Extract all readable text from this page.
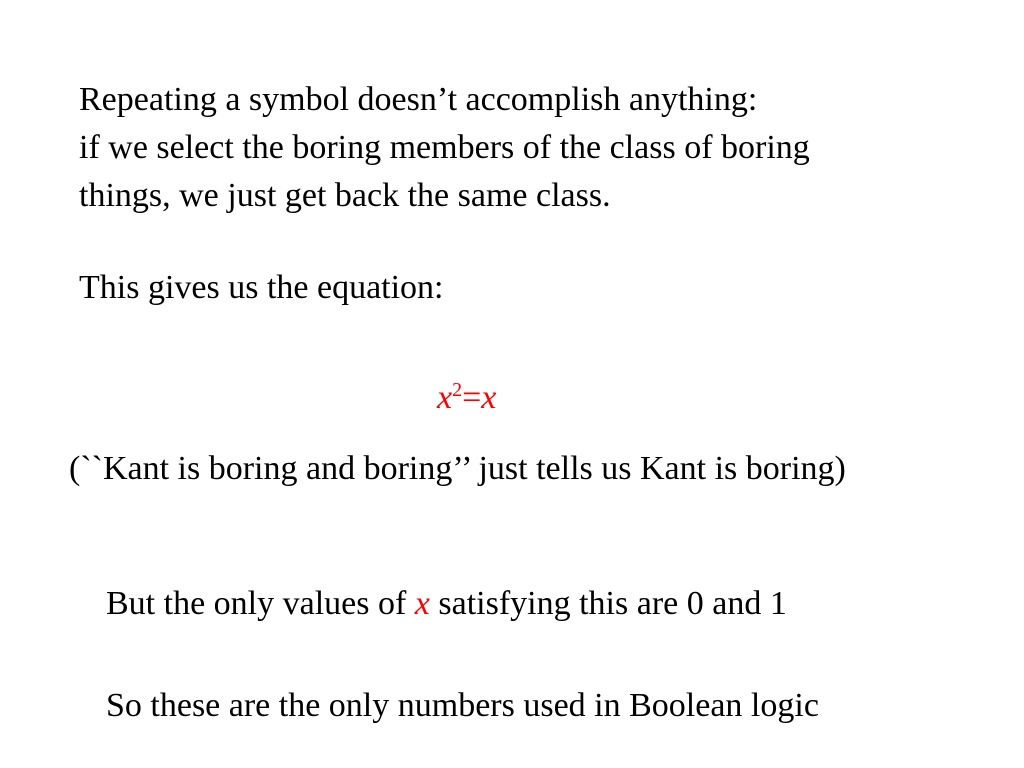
Repeating a symbol doesn’t accomplish anything:
if we select the boring members of the class of boring
things, we just get back the same class.
This gives us the equation:
$x^2=x$
(``Kant is boring and boring’’ just tells us Kant is boring)
But the only values of x satisfying this are 0 and 1
So these are the only numbers used in Boolean logic
